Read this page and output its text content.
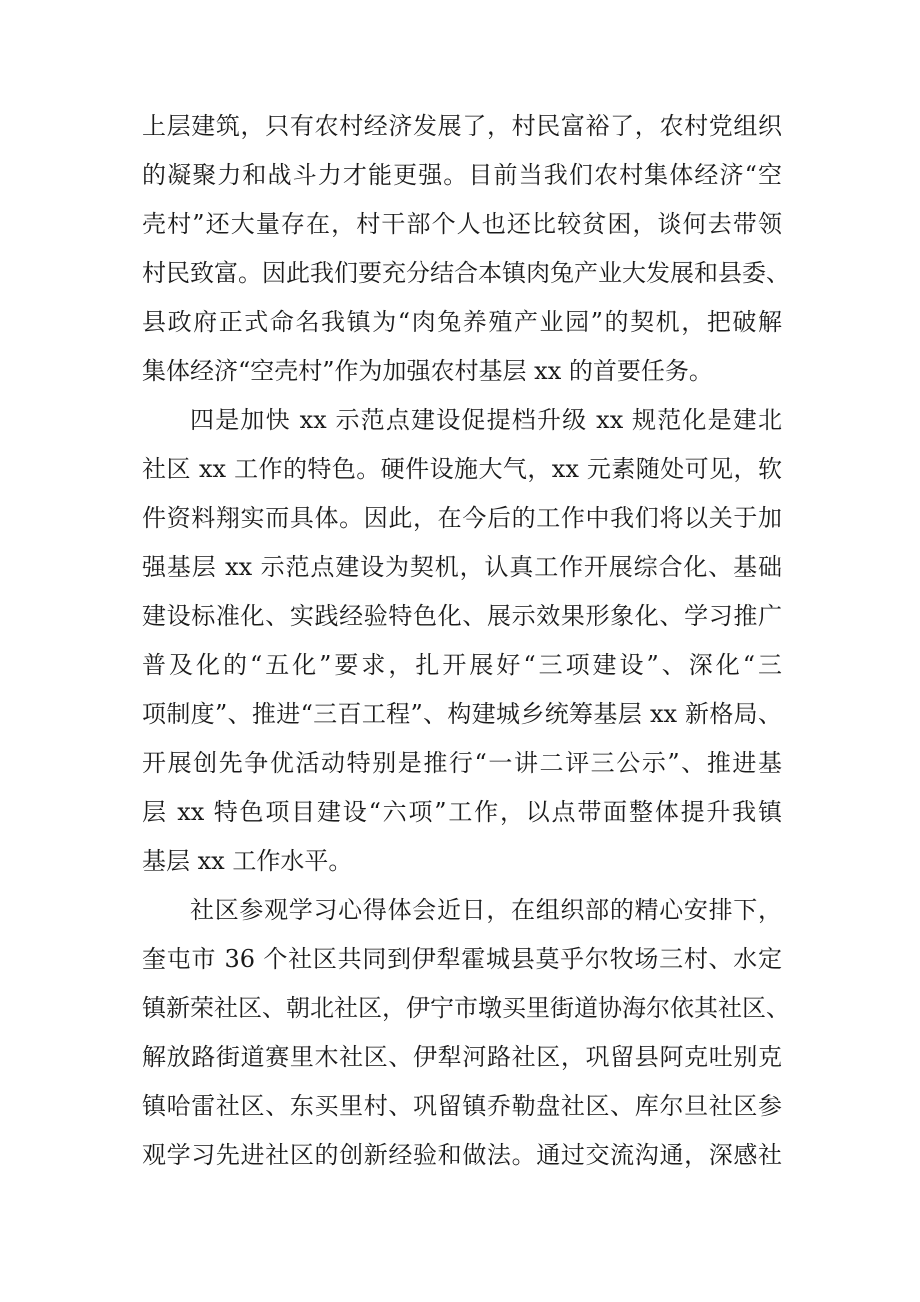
上层建筑，只有农村经济发展了，村民富裕了，农村党组织
的凝聚力和战斗力才能更强。目前当我们农村集体经济“空
壳村”还大量存在，村干部个人也还比较贫困，谈何去带领
村民致富。因此我们要充分结合本镇肉兔产业大发展和县委、
县政府正式命名我镇为“肉兔养殖产业园”的契机，把破解
集体经济“空壳村”作为加强农村基层 xx 的首要任务。
四是加快 xx 示范点建设促提档升级 xx 规范化是建北
社区 xx 工作的特色。硬件设施大气，xx 元素随处可见，软
件资料翔实而具体。因此，在今后的工作中我们将以关于加
强基层 xx 示范点建设为契机，认真工作开展综合化、基础
建设标准化、实践经验特色化、展示效果形象化、学习推广
普及化的“五化”要求，扎开展好“三项建设”、深化“三
项制度”、推进“三百工程”、构建城乡统筹基层 xx 新格局、
开展创先争优活动特别是推行“一讲二评三公示”、推进基
层 xx 特色项目建设“六项”工作，以点带面整体提升我镇
基层 xx 工作水平。
社区参观学习心得体会近日，在组织部的精心安排下，
奎屯市 36 个社区共同到伊犁霍城县莫乎尔牧场三村、水定
镇新荣社区、朝北社区，伊宁市墩买里街道协海尔依其社区、
解放路街道赛里木社区、伊犁河路社区，巩留县阿克吐别克
镇哈雷社区、东买里村、巩留镇乔勒盘社区、库尔旦社区参
观学习先进社区的创新经验和做法。通过交流沟通，深感社
